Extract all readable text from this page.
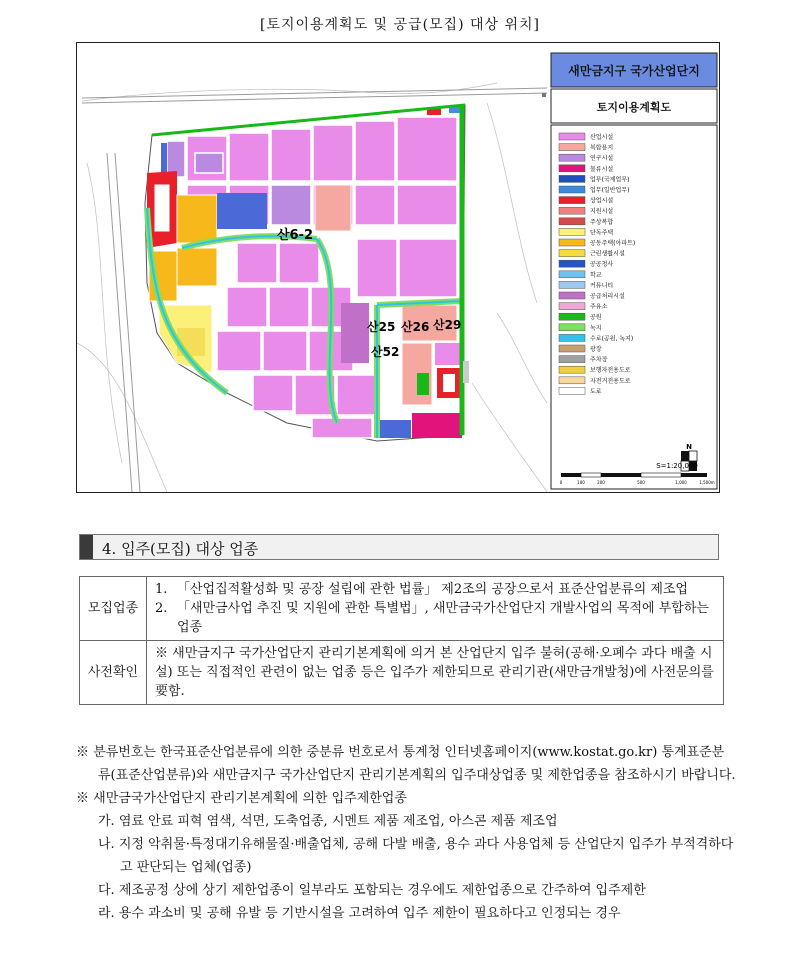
[토지이용계획도 및 공급(모집) 대상 위치]
산6-2
산25 산26 산29
산52
새만금지구 국가산업단지
토지이용계획도
산업시설
복합용지
연구시설
물류시설
업무(국제업무)
업무(일반업무)
상업시설
지원시설
주상복합
단독주택
공동주택(아파트)
근린생활시설
공공청사
학교
커뮤니티
공급처리시설
주유소
공원
녹지
수로(공원, 녹지)
광장
주차장
보행자전용도로
자전거전용도로
도로
N
S=1:20,000
0	100	200	500	1,000	1,500m
4. 입주(모집) 대상 업종
모집업종	1. 「산업집적활성화 및 공장 설립에 관한 법률」 제2조의 공장으로서 표준산업분류의 제조업
2. 「새만금사업 추진 및 지원에 관한 특별법」, 새만금국가산업단지 개발사업의 목적에 부합하는 업종

사전확인	※ 새만금지구 국가산업단지 관리기본계획에 의거 본 산업단지 입주 불허(공해·오폐수 과다 배출 시설) 또는 직접적인 관련이 없는 업종 등은 입주가 제한되므로 관리기관(새만금개발청)에 사전문의를 要함.

※ 분류번호는 한국표준산업분류에 의한 중분류 번호로서 통계청 인터넷홈페이지(www.kostat.go.kr) 통계표준분류(표준산업분류)와 새만금지구 국가산업단지 관리기본계획의 입주대상업종 및 제한업종을 참조하시기 바랍니다.

※ 새만금국가산업단지 관리기본계획에 의한 입주제한업종

가. 염료 안료 피혁 염색, 석면, 도축업종, 시멘트 제품 제조업, 아스콘 제품 제조업

나. 지정 악취물·특정대기유해물질·배출업체, 공해 다발 배출, 용수 과다 사용업체 등 산업단지 입주가 부적격하다고 판단되는 업체(업종)

다. 제조공정 상에 상기 제한업종이 일부라도 포함되는 경우에도 제한업종으로 간주하여 입주제한

라. 용수 과소비 및 공해 유발 등 기반시설을 고려하여 입주 제한이 필요하다고 인정되는 경우
